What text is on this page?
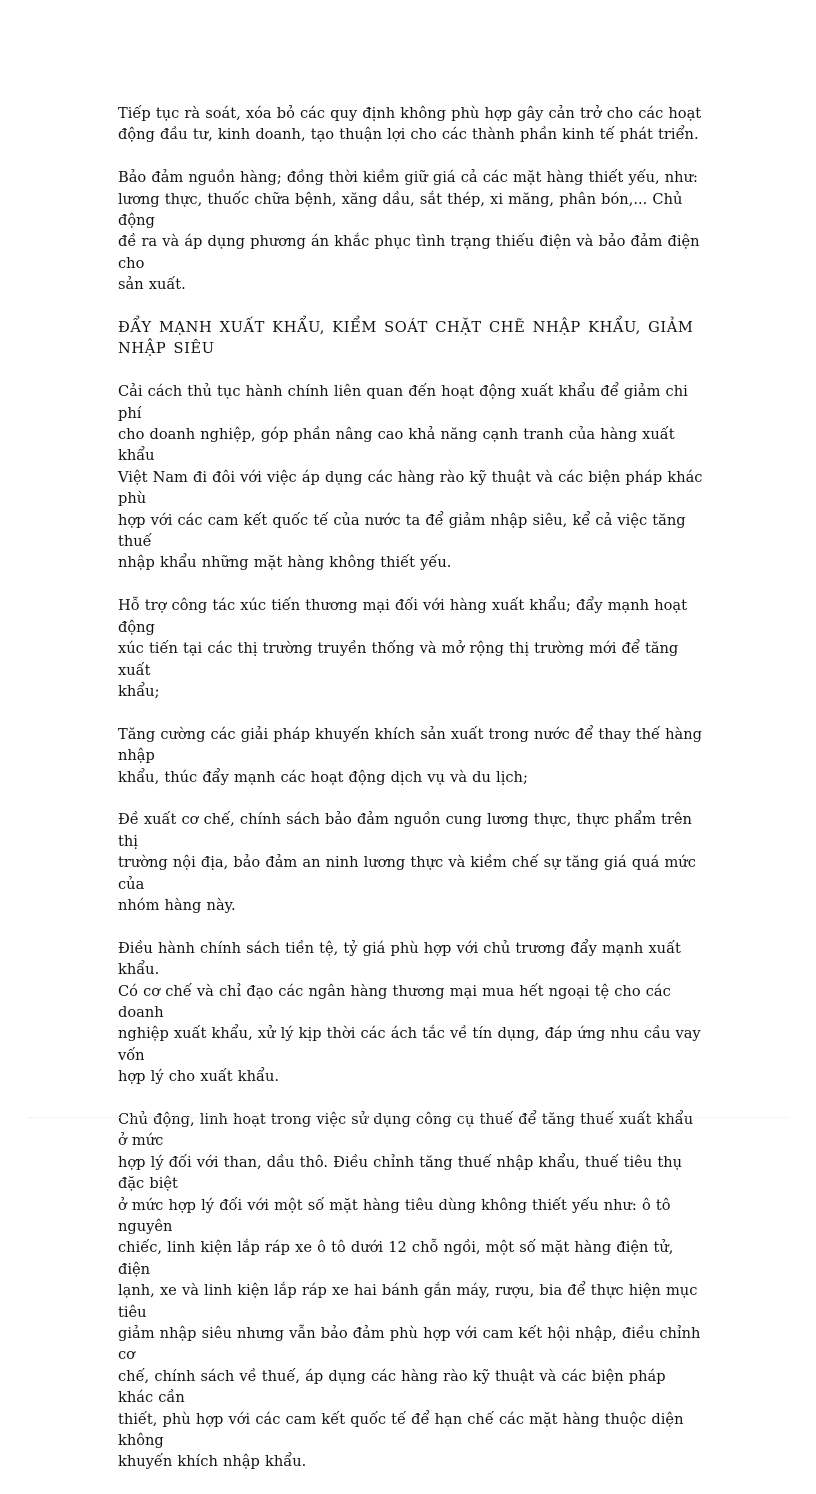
Tiếp tục rà soát, xóa bỏ các quy định không phù hợp gây cản trở cho các hoạt
động đầu tư, kinh doanh, tạo thuận lợi cho các thành phần kinh tế phát triển.

Bảo đảm nguồn hàng; đồng thời kiềm giữ giá cả các mặt hàng thiết yếu, như:
lương thực, thuốc chữa bệnh, xăng dầu, sắt thép, xi măng, phân bón,... Chủ động
đề ra và áp dụng phương án khắc phục tình trạng thiếu điện và bảo đảm điện cho
sản xuất.

ĐẨY MẠNH XUẤT KHẨU, KIỂM SOÁT CHẶT CHẼ NHẬP KHẨU, GIẢM
NHẬP SIÊU

Cải cách thủ tục hành chính liên quan đến hoạt động xuất khẩu để giảm chi phí
cho doanh nghiệp, góp phần nâng cao khả năng cạnh tranh của hàng xuất khẩu
Việt Nam đi đôi với việc áp dụng các hàng rào kỹ thuật và các biện pháp khác phù
hợp với các cam kết quốc tế của nước ta để giảm nhập siêu, kể cả việc tăng thuế
nhập khẩu những mặt hàng không thiết yếu.

Hỗ trợ công tác xúc tiến thương mại đối với hàng xuất khẩu; đẩy mạnh hoạt động
xúc tiến tại các thị trường truyền thống và mở rộng thị trường mới để tăng xuất
khẩu;

Tăng cường các giải pháp khuyến khích sản xuất trong nước để thay thế hàng nhập
khẩu, thúc đẩy mạnh các hoạt động dịch vụ và du lịch;

Đề xuất cơ chế, chính sách bảo đảm nguồn cung lương thực, thực phẩm trên thị
trường nội địa, bảo đảm an ninh lương thực và kiềm chế sự tăng giá quá mức của
nhóm hàng này.

Điều hành chính sách tiền tệ, tỷ giá phù hợp với chủ trương đẩy mạnh xuất khẩu.
Có cơ chế và chỉ đạo các ngân hàng thương mại mua hết ngoại tệ cho các doanh
nghiệp xuất khẩu, xử lý kịp thời các ách tắc về tín dụng, đáp ứng nhu cầu vay vốn
hợp lý cho xuất khẩu.

Chủ động, linh hoạt trong việc sử dụng công cụ thuế để tăng thuế xuất khẩu ở mức
hợp lý đối với than, dầu thô. Điều chỉnh tăng thuế nhập khẩu, thuế tiêu thụ đặc biệt
ở mức hợp lý đối với một số mặt hàng tiêu dùng không thiết yếu như: ô tô nguyên
chiếc, linh kiện lắp ráp xe ô tô dưới 12 chỗ ngồi, một số mặt hàng điện tử, điện
lạnh, xe và linh kiện lắp ráp xe hai bánh gắn máy, rượu, bia để thực hiện mục tiêu
giảm nhập siêu nhưng vẫn bảo đảm phù hợp với cam kết hội nhập, điều chỉnh cơ
chế, chính sách về thuế, áp dụng các hàng rào kỹ thuật và các biện pháp khác cần
thiết, phù hợp với các cam kết quốc tế để hạn chế các mặt hàng thuộc diện không
khuyến khích nhập khẩu.
